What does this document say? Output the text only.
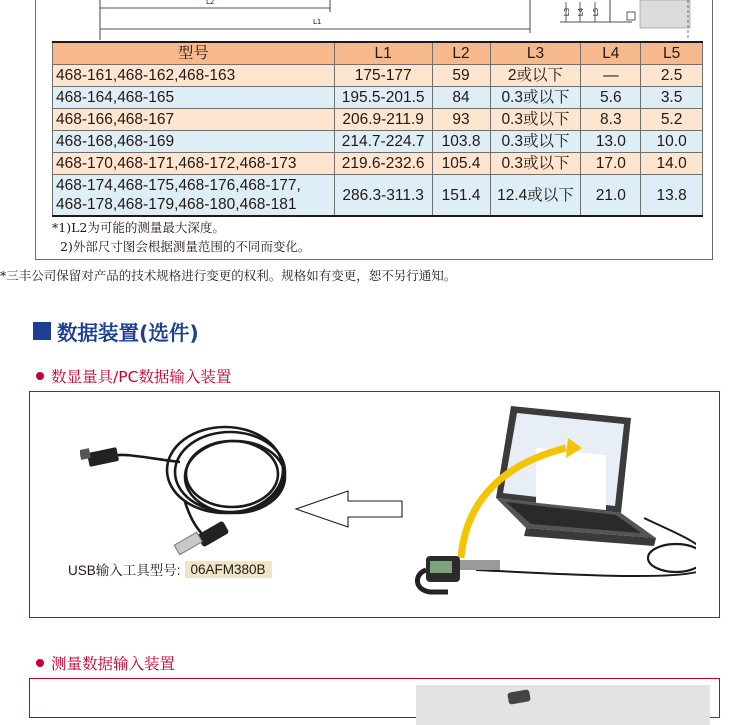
L2
L1
L3 L4 L5
型号	L1	L2	L3	L4	L5
468-161,468-162,468-163	175-177	59	2或以下	—	2.5
468-164,468-165	195.5-201.5	84	0.3或以下	5.6	3.5
468-166,468-167	206.9-211.9	93	0.3或以下	8.3	5.2
468-168,468-169	214.7-224.7	103.8	0.3或以下	13.0	10.0
468-170,468-171,468-172,468-173	219.6-232.6	105.4	0.3或以下	17.0	14.0

468-174,468-175,468-176,468-177,
468-178,468-179,468-180,468-181	286.3-311.3	151.4	12.4或以下	21.0	13.8
*1)L2为可能的测量最大深度。
2)外部尺寸图会根据测量范围的不同而变化。
*三丰公司保留对产品的技术规格进行变更的权利。规格如有变更，恕不另行通知。
数据装置(选件)
数显量具/PC数据输入装置
USB输入工具型号: 06AFM380B
测量数据输入装置
